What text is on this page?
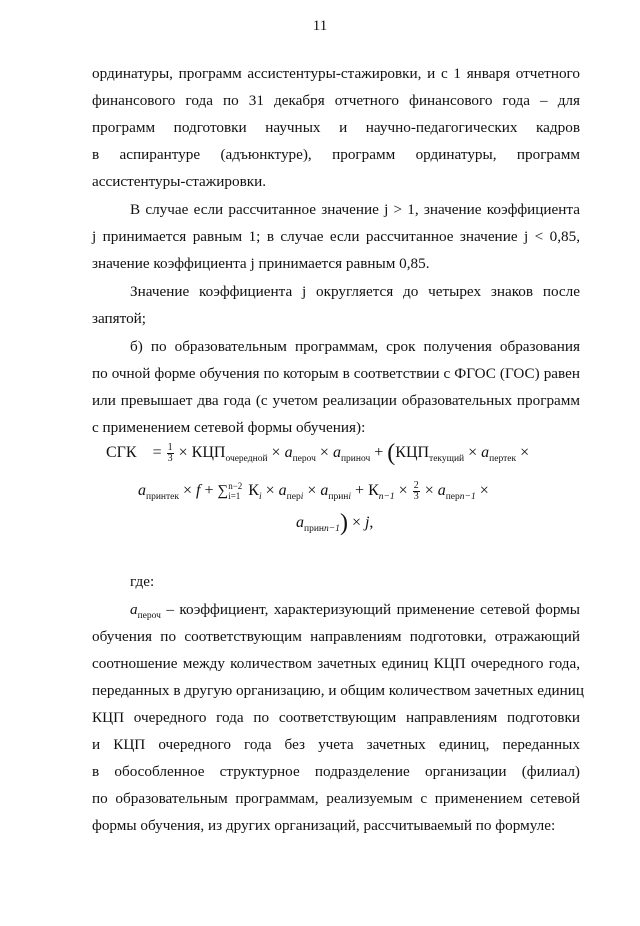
11
ординатуры, программ ассистентуры-стажировки, и с 1 января отчетного
финансового года по 31 декабря отчетного финансового года – для
программ подготовки научных и научно-педагогических кадров
в аспирантуре (адъюнктуре), программ ординатуры, программ
ассистентуры-стажировки.
В случае если рассчитанное значение j > 1, значение коэффициента
j принимается равным 1; в случае если рассчитанное значение j < 0,85,
значение коэффициента j принимается равным 0,85.
Значение коэффициента j округляется до четырех знаков после
запятой;
б) по образовательным программам, срок получения образования
по очной форме обучения по которым в соответствии с ФГОС (ГОС) равен
или превышает два года (с учетом реализации образовательных программ
с применением сетевой формы обучения):
СГК = $\frac{1}{3} \times КЦП_{очередной} \times a_{пероч} \times a_{приноч} + (КЦП_{текущий} \times a_{пертек}$ ×
$a_{принтек} \times f$ + ∑ n−2
i=1 $К_i \times a_{перi} \times a_{принi} + К_{n-1} \times \frac{2}{3} \times a_{перn-1}$ ×
$a_{принn-1}) \times j$,
где:
$a_{пероч}$ – коэффициент, характеризующий применение сетевой формы
обучения по соответствующим направлениям подготовки, отражающий
соотношение между количеством зачетных единиц КЦП очередного года,
переданных в другую организацию, и общим количеством зачетных единиц
КЦП очередного года по соответствующим направлениям подготовки
и КЦП очередного года без учета зачетных единиц, переданных
в обособленное структурное подразделение организации (филиал)
по образовательным программам, реализуемым с применением сетевой
формы обучения, из других организаций, рассчитываемый по формуле:
